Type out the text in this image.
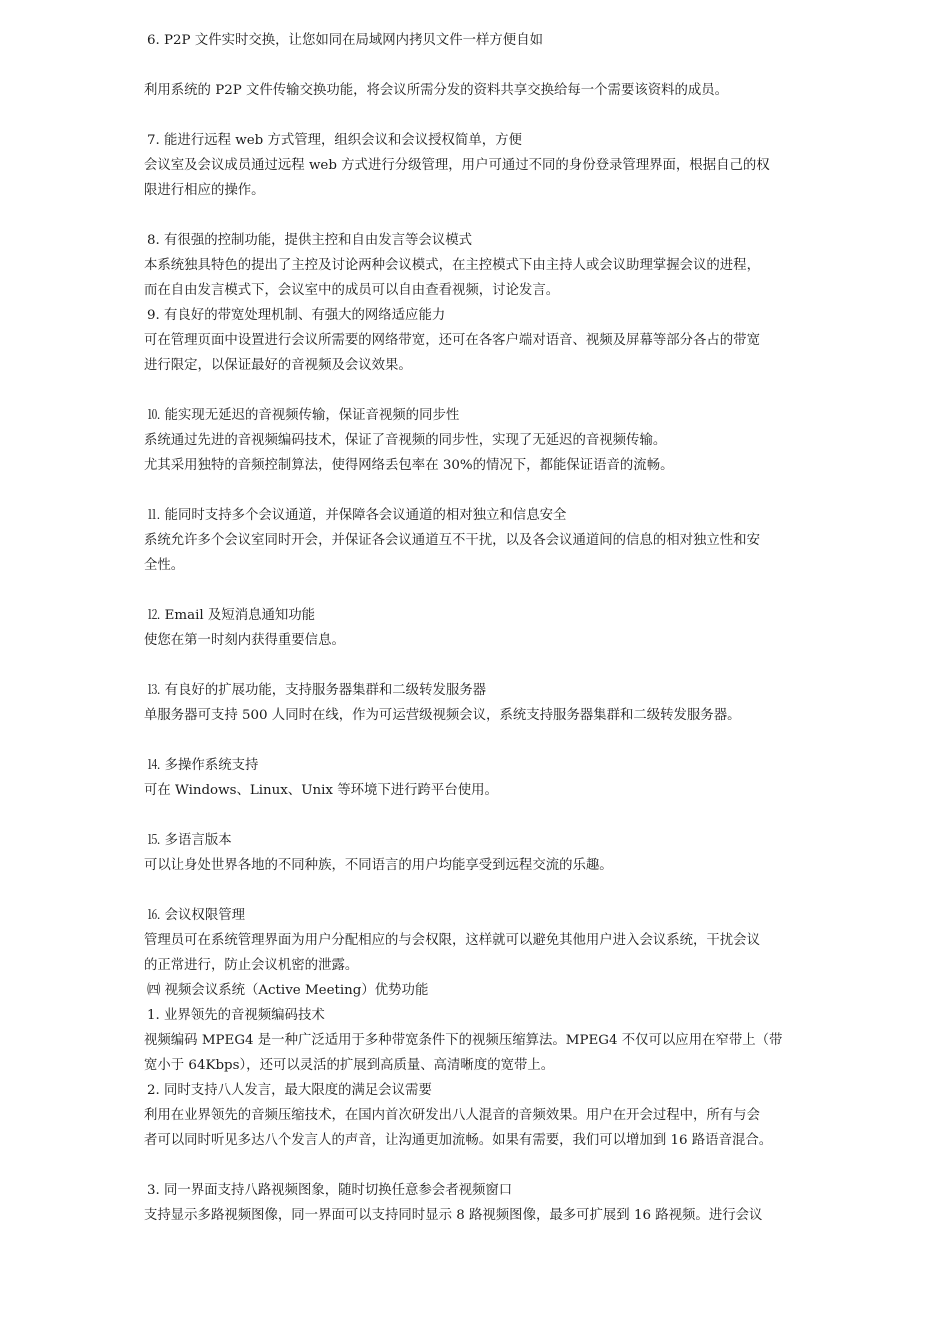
6. P2P 文件实时交换，让您如同在局域网内拷贝文件一样方便自如
利用系统的 P2P 文件传输交换功能，将会议所需分发的资料共享交换给每一个需要该资料的成员。
7. 能进行远程 web 方式管理，组织会议和会议授权简单，方便
会议室及会议成员通过远程 web 方式进行分级管理，用户可通过不同的身份登录管理界面，根据自己的权
限进行相应的操作。
8. 有很强的控制功能，提供主控和自由发言等会议模式
本系统独具特色的提出了主控及讨论两种会议模式，在主控模式下由主持人或会议助理掌握会议的进程，
而在自由发言模式下，会议室中的成员可以自由查看视频，讨论发言。
9. 有良好的带宽处理机制、有强大的网络适应能力
可在管理页面中设置进行会议所需要的网络带宽，还可在各客户端对语音、视频及屏幕等部分各占的带宽
进行限定，以保证最好的音视频及会议效果。
⒑ 能实现无延迟的音视频传输，保证音视频的同步性
系统通过先进的音视频编码技术，保证了音视频的同步性，实现了无延迟的音视频传输。
尤其采用独特的音频控制算法，使得网络丢包率在 30%的情况下，都能保证语音的流畅。
⒒ 能同时支持多个会议通道，并保障各会议通道的相对独立和信息安全
系统允许多个会议室同时开会，并保证各会议通道互不干扰，以及各会议通道间的信息的相对独立性和安
全性。
⒓ Email 及短消息通知功能
使您在第一时刻内获得重要信息。
⒔ 有良好的扩展功能，支持服务器集群和二级转发服务器
单服务器可支持 500 人同时在线，作为可运营级视频会议，系统支持服务器集群和二级转发服务器。
⒕ 多操作系统支持
可在 Windows、Linux、Unix 等环境下进行跨平台使用。
⒖ 多语言版本
可以让身处世界各地的不同种族，不同语言的用户均能享受到远程交流的乐趣。
⒗ 会议权限管理
管理员可在系统管理界面为用户分配相应的与会权限，这样就可以避免其他用户进入会议系统，干扰会议
的正常进行，防止会议机密的泄露。
㈣ 视频会议系统（Active Meeting）优势功能
1. 业界领先的音视频编码技术
视频编码 MPEG4 是一种广泛适用于多种带宽条件下的视频压缩算法。MPEG4 不仅可以应用在窄带上（带
宽小于 64Kbps），还可以灵活的扩展到高质量、高清晰度的宽带上。
2. 同时支持八人发言，最大限度的满足会议需要
利用在业界领先的音频压缩技术，在国内首次研发出八人混音的音频效果。用户在开会过程中，所有与会
者可以同时听见多达八个发言人的声音，让沟通更加流畅。如果有需要，我们可以增加到 16 路语音混合。
3. 同一界面支持八路视频图象，随时切换任意参会者视频窗口
支持显示多路视频图像，同一界面可以支持同时显示 8 路视频图像，最多可扩展到 16 路视频。进行会议
